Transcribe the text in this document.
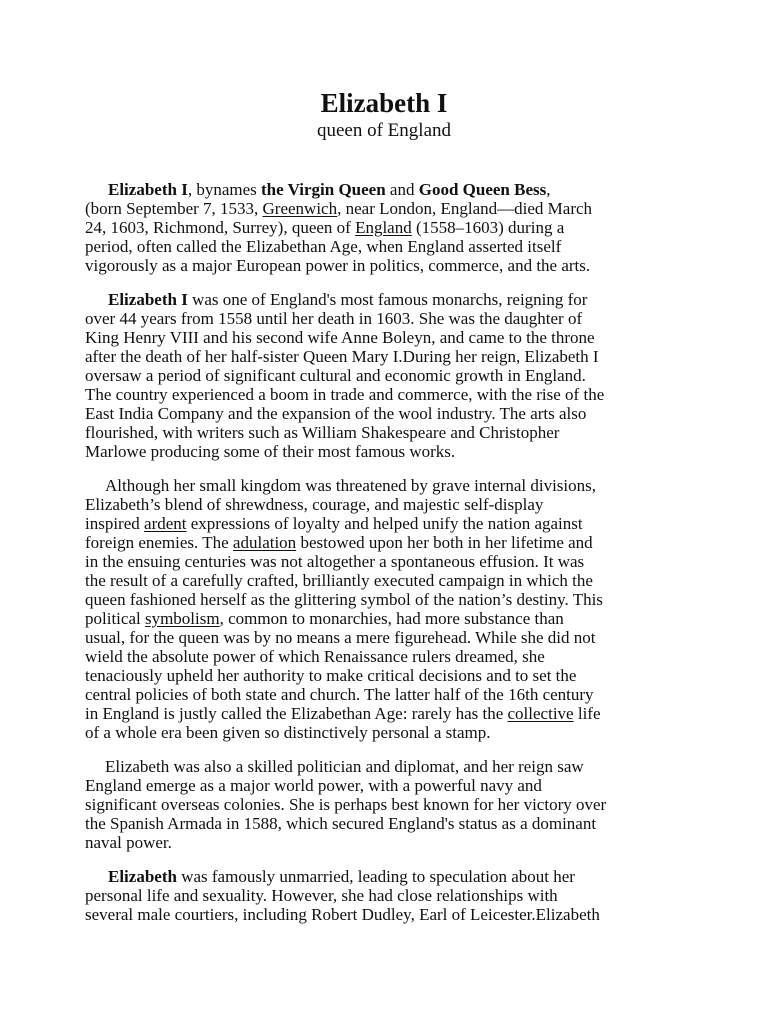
Elizabeth I
queen of England

Elizabeth I, bynames the Virgin Queen and Good Queen Bess,
(born September 7, 1533, Greenwich, near London, England—died March
24, 1603, Richmond, Surrey), queen of England (1558–1603) during a
period, often called the Elizabethan Age, when England asserted itself
vigorously as a major European power in politics, commerce, and the arts.

Elizabeth I was one of England's most famous monarchs, reigning for
over 44 years from 1558 until her death in 1603. She was the daughter of
King Henry VIII and his second wife Anne Boleyn, and came to the throne
after the death of her half-sister Queen Mary I.During her reign, Elizabeth I
oversaw a period of significant cultural and economic growth in England.
The country experienced a boom in trade and commerce, with the rise of the
East India Company and the expansion of the wool industry. The arts also
flourished, with writers such as William Shakespeare and Christopher
Marlowe producing some of their most famous works.

Although her small kingdom was threatened by grave internal divisions,
Elizabeth’s blend of shrewdness, courage, and majestic self-display
inspired ardent expressions of loyalty and helped unify the nation against
foreign enemies. The adulation bestowed upon her both in her lifetime and
in the ensuing centuries was not altogether a spontaneous effusion. It was
the result of a carefully crafted, brilliantly executed campaign in which the
queen fashioned herself as the glittering symbol of the nation’s destiny. This
political symbolism, common to monarchies, had more substance than
usual, for the queen was by no means a mere figurehead. While she did not
wield the absolute power of which Renaissance rulers dreamed, she
tenaciously upheld her authority to make critical decisions and to set the
central policies of both state and church. The latter half of the 16th century
in England is justly called the Elizabethan Age: rarely has the collective life
of a whole era been given so distinctively personal a stamp.

Elizabeth was also a skilled politician and diplomat, and her reign saw
England emerge as a major world power, with a powerful navy and
significant overseas colonies. She is perhaps best known for her victory over
the Spanish Armada in 1588, which secured England's status as a dominant
naval power.

Elizabeth was famously unmarried, leading to speculation about her
personal life and sexuality. However, she had close relationships with
several male courtiers, including Robert Dudley, Earl of Leicester.Elizabeth
